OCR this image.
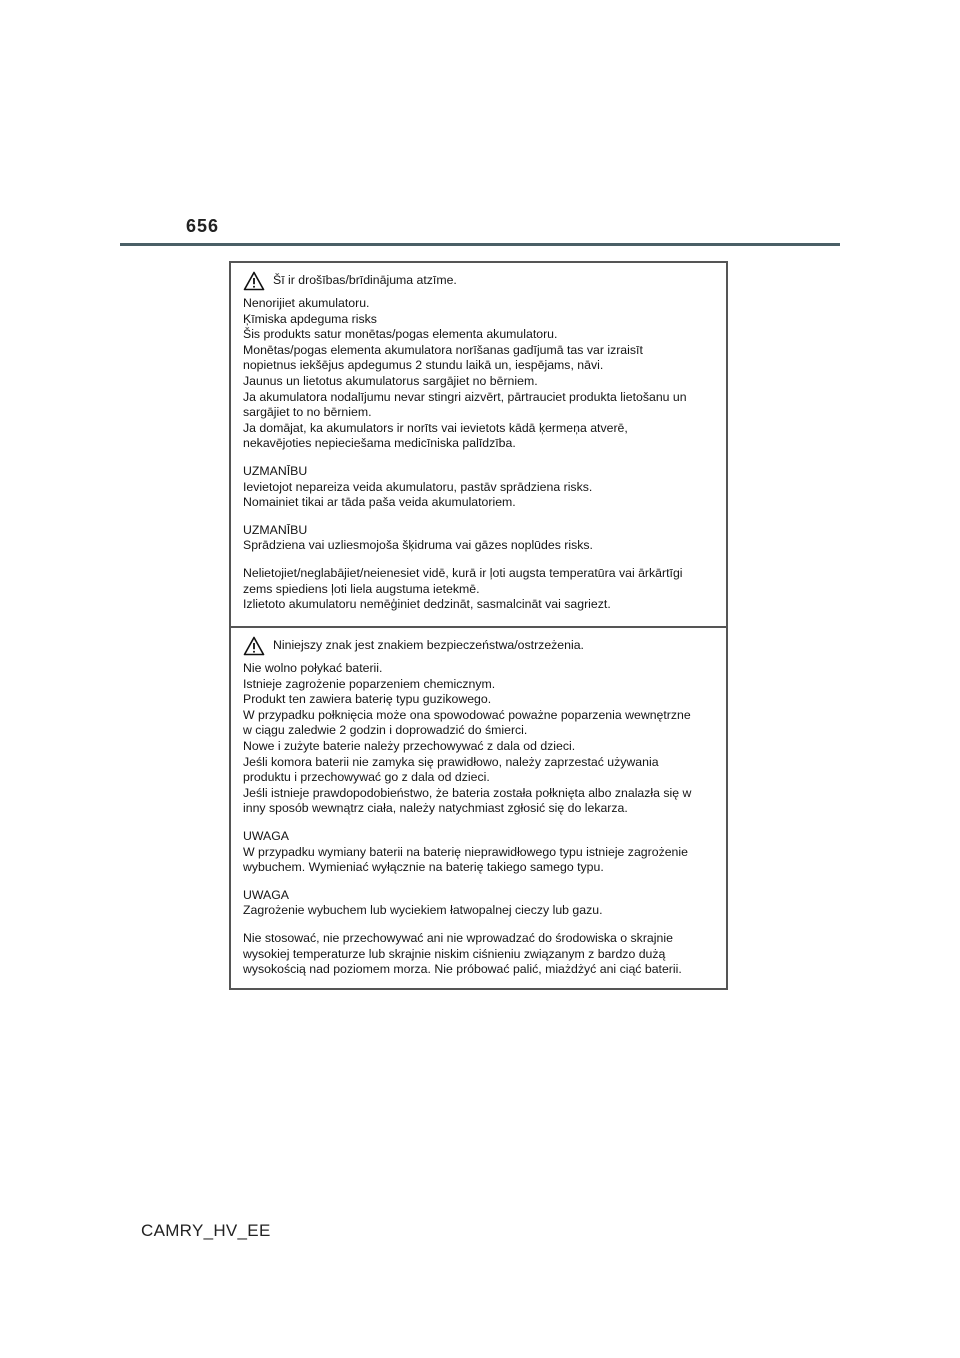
656
Šī ir drošības/brīdinājuma atzīme.
Nenorijiet akumulatoru.
Ķīmiska apdeguma risks
Šis produkts satur monētas/pogas elementa akumulatoru.
Monētas/pogas elementa akumulatora norīšanas gadījumā tas var izraisīt
nopietnus iekšējus apdegumus 2 stundu laikā un, iespējams, nāvi.
Jaunus un lietotus akumulatorus sargājiet no bērniem.
Ja akumulatora nodalījumu nevar stingri aizvērt, pārtrauciet produkta lietošanu un
sargājiet to no bērniem.
Ja domājat, ka akumulators ir norīts vai ievietots kādā ķermeņa atverē,
nekavējoties nepieciešama medicīniska palīdzība.
UZMANĪBU
Ievietojot nepareiza veida akumulatoru, pastāv sprādziena risks.
Nomainiet tikai ar tāda paša veida akumulatoriem.
UZMANĪBU
Sprādziena vai uzliesmojoša šķidruma vai gāzes noplūdes risks.
Nelietojiet/neglabājiet/neienesiet vidē, kurā ir ļoti augsta temperatūra vai ārkārtīgi
zems spiediens ļoti liela augstuma ietekmē.
Izlietoto akumulatoru nemēģiniet dedzināt, sasmalcināt vai sagriezt.
Niniejszy znak jest znakiem bezpieczeństwa/ostrzeżenia.
Nie wolno połykać baterii.
Istnieje zagrożenie poparzeniem chemicznym.
Produkt ten zawiera baterię typu guzikowego.
W przypadku połknięcia może ona spowodować poważne poparzenia wewnętrzne
w ciągu zaledwie 2 godzin i doprowadzić do śmierci.
Nowe i zużyte baterie należy przechowywać z dala od dzieci.
Jeśli komora baterii nie zamyka się prawidłowo, należy zaprzestać używania
produktu i przechowywać go z dala od dzieci.
Jeśli istnieje prawdopodobieństwo, że bateria została połknięta albo znalazła się w
inny sposób wewnątrz ciała, należy natychmiast zgłosić się do lekarza.
UWAGA
W przypadku wymiany baterii na baterię nieprawidłowego typu istnieje zagrożenie
wybuchem. Wymieniać wyłącznie na baterię takiego samego typu.
UWAGA
Zagrożenie wybuchem lub wyciekiem łatwopalnej cieczy lub gazu.
Nie stosować, nie przechowywać ani nie wprowadzać do środowiska o skrajnie
wysokiej temperaturze lub skrajnie niskim ciśnieniu związanym z bardzo dużą
wysokością nad poziomem morza. Nie próbować palić, miażdżyć ani ciąć baterii.
CAMRY_HV_EE
